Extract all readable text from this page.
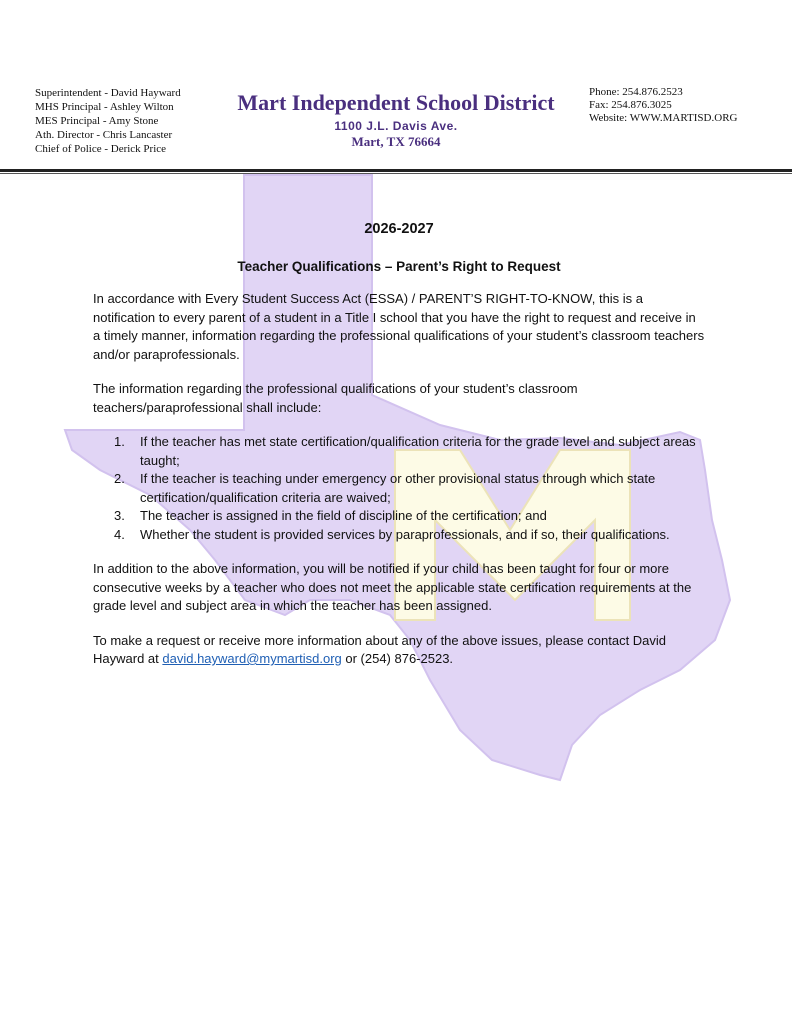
Superintendent - David Hayward
MHS Principal - Ashley Wilton
MES Principal - Amy Stone
Ath. Director - Chris Lancaster
Chief of Police - Derick Price
Mart Independent School District
1100 J.L. Davis Ave.
Mart, TX 76664
Phone: 254.876.2523
Fax: 254.876.3025
Website: WWW.MARTISD.ORG
2026-2027
Teacher Qualifications – Parent’s Right to Request

In accordance with Every Student Success Act (ESSA) / PARENT’S RIGHT-TO-KNOW, this is a notification to every parent of a student in a Title I school that you have the right to request and receive in a timely manner, information regarding the professional qualifications of your student’s classroom teachers and/or paraprofessionals.

The information regarding the professional qualifications of your student’s classroom teachers/paraprofessional shall include:

1. If the teacher has met state certification/qualification criteria for the grade level and subject areas taught;
2. If the teacher is teaching under emergency or other provisional status through which state certification/qualification criteria are waived;
3. The teacher is assigned in the field of discipline of the certification; and
4. Whether the student is provided services by paraprofessionals, and if so, their qualifications.

In addition to the above information, you will be notified if your child has been taught for four or more consecutive weeks by a teacher who does not meet the applicable state certification requirements at the grade level and subject area in which the teacher has been assigned.

To make a request or receive more information about any of the above issues, please contact David Hayward at david.hayward@mymartisd.org or (254) 876-2523.
